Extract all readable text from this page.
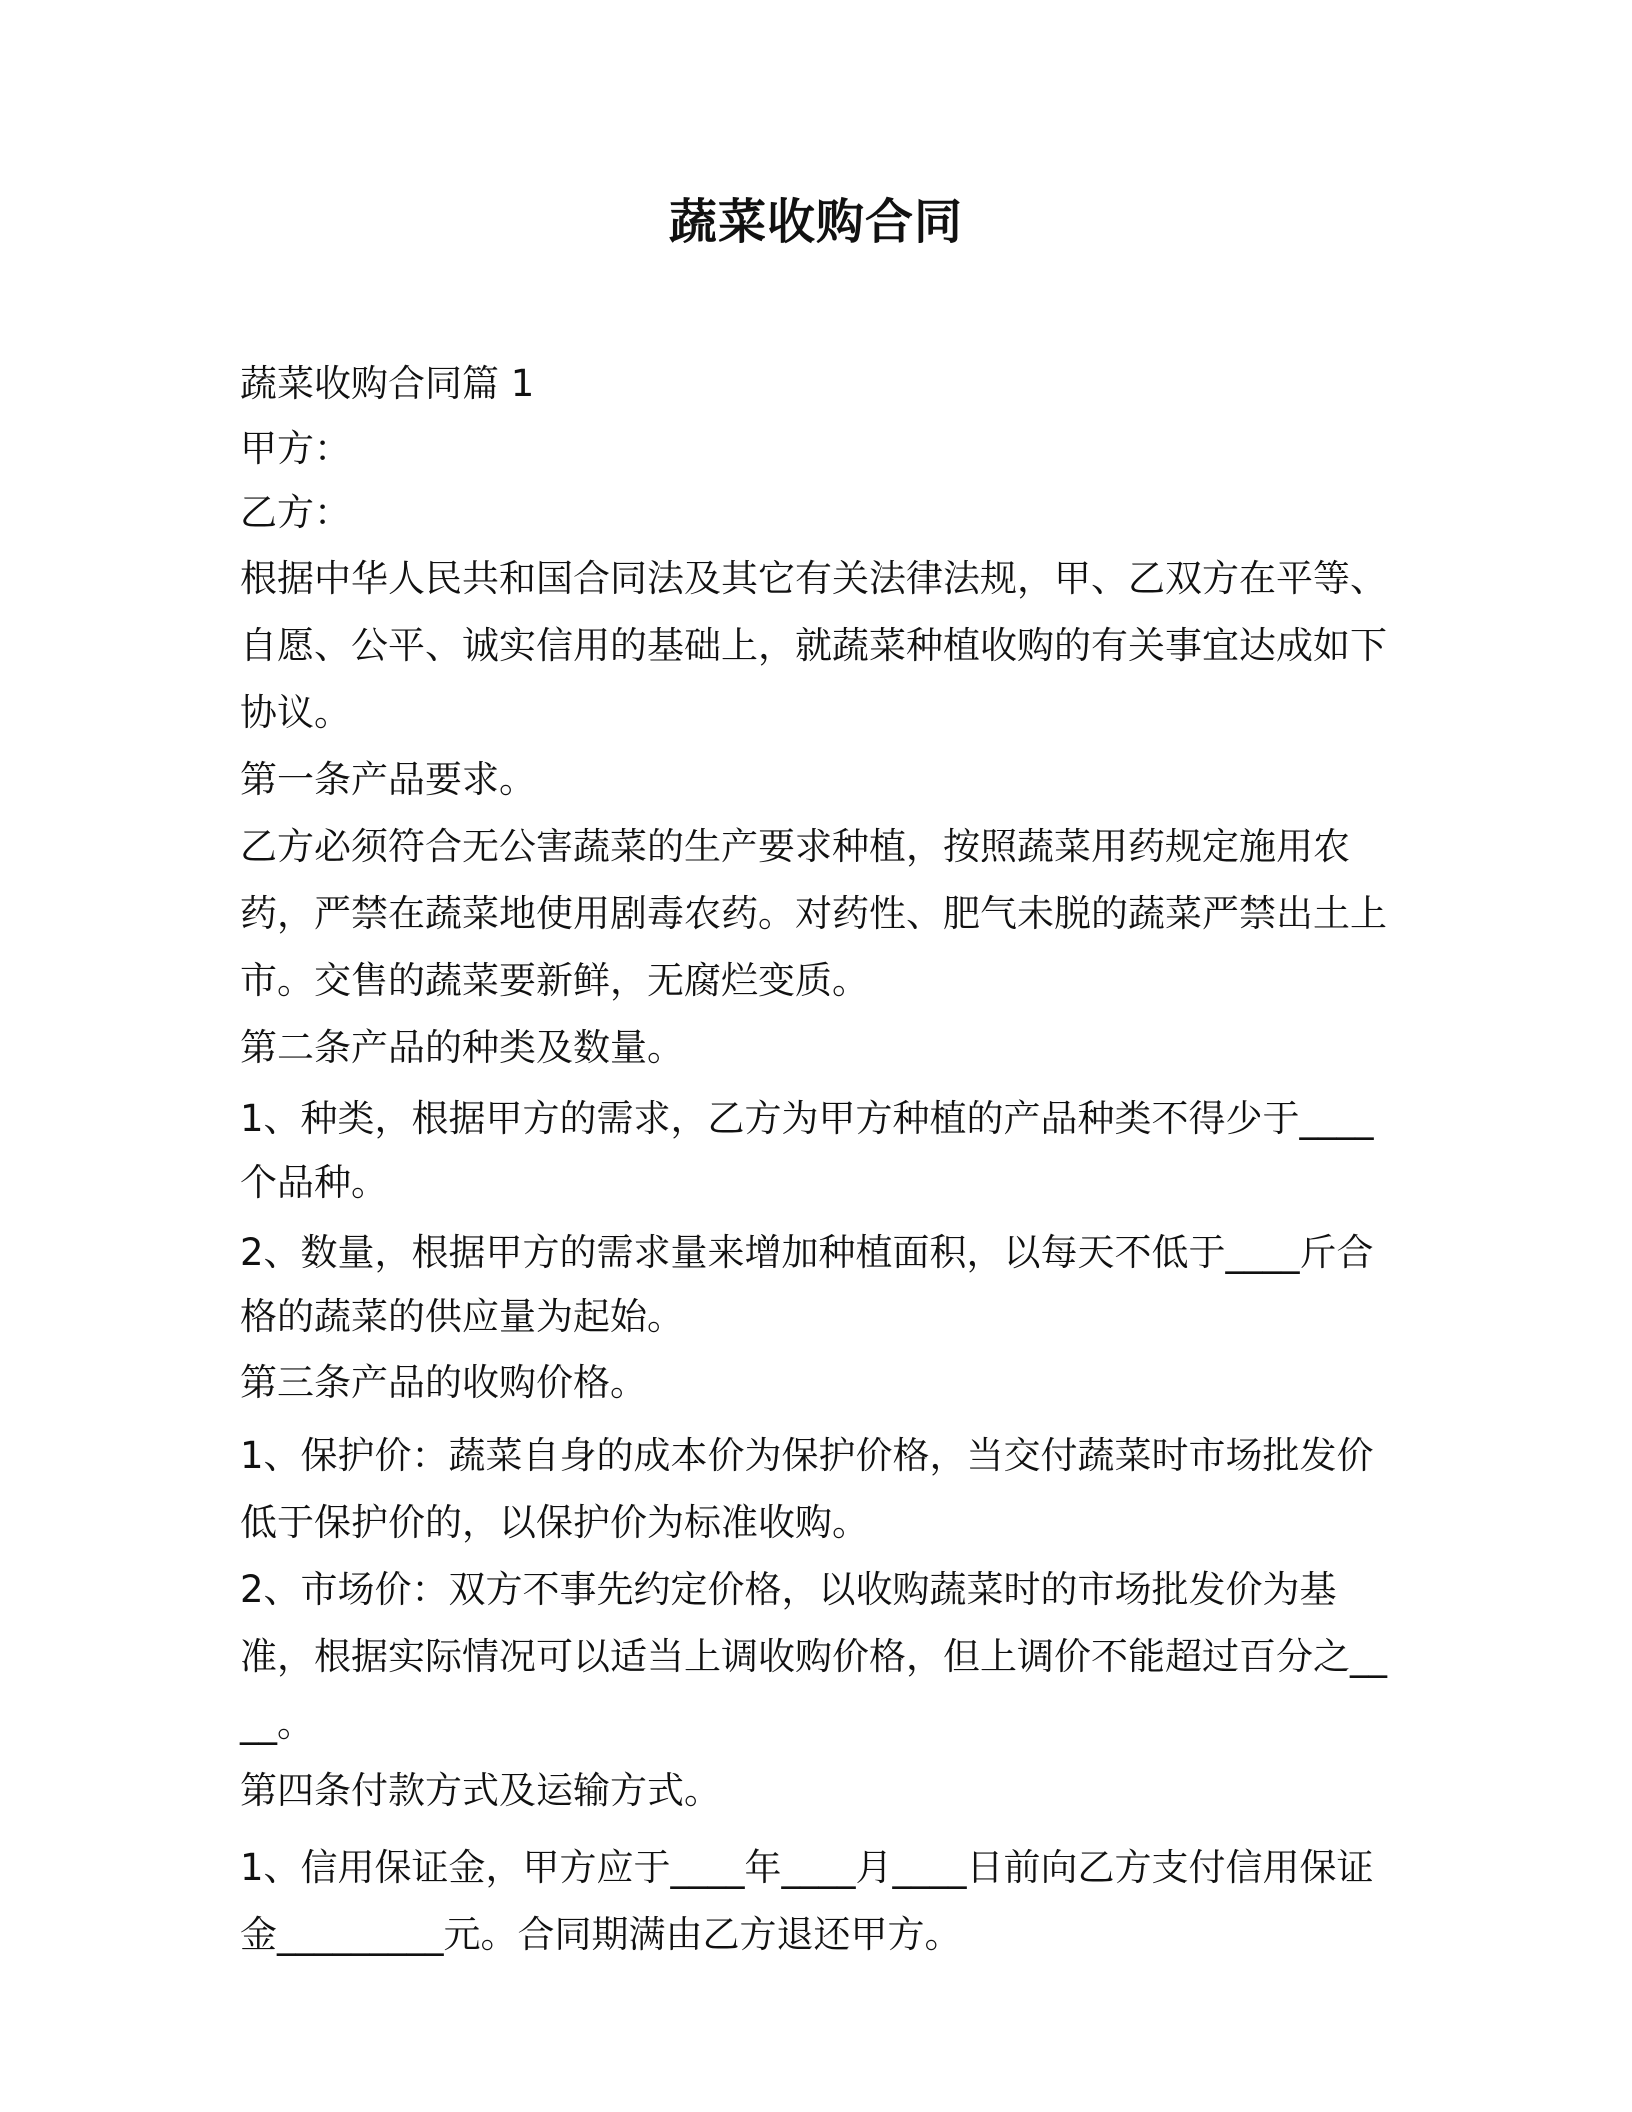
蔬菜收购合同

蔬菜收购合同篇 1

甲方：

乙方：

根据中华人民共和国合同法及其它有关法律法规，甲、乙双方在平等、自愿、公平、诚实信用的基础上，就蔬菜种植收购的有关事宜达成如下协议。

第一条产品要求。

乙方必须符合无公害蔬菜的生产要求种植，按照蔬菜用药规定施用农药，严禁在蔬菜地使用剧毒农药。对药性、肥气未脱的蔬菜严禁出土上市。交售的蔬菜要新鲜，无腐烂变质。

第二条产品的种类及数量。

1、种类，根据甲方的需求，乙方为甲方种植的产品种类不得少于____个品种。

2、数量，根据甲方的需求量来增加种植面积，以每天不低于____斤合格的蔬菜的供应量为起始。

第三条产品的收购价格。

1、保护价：蔬菜自身的成本价为保护价格，当交付蔬菜时市场批发价低于保护价的，以保护价为标准收购。

2、市场价：双方不事先约定价格，以收购蔬菜时的市场批发价为基准，根据实际情况可以适当上调收购价格，但上调价不能超过百分之____。

第四条付款方式及运输方式。

1、信用保证金，甲方应于____年____月____日前向乙方支付信用保证金_________元。合同期满由乙方退还甲方。
